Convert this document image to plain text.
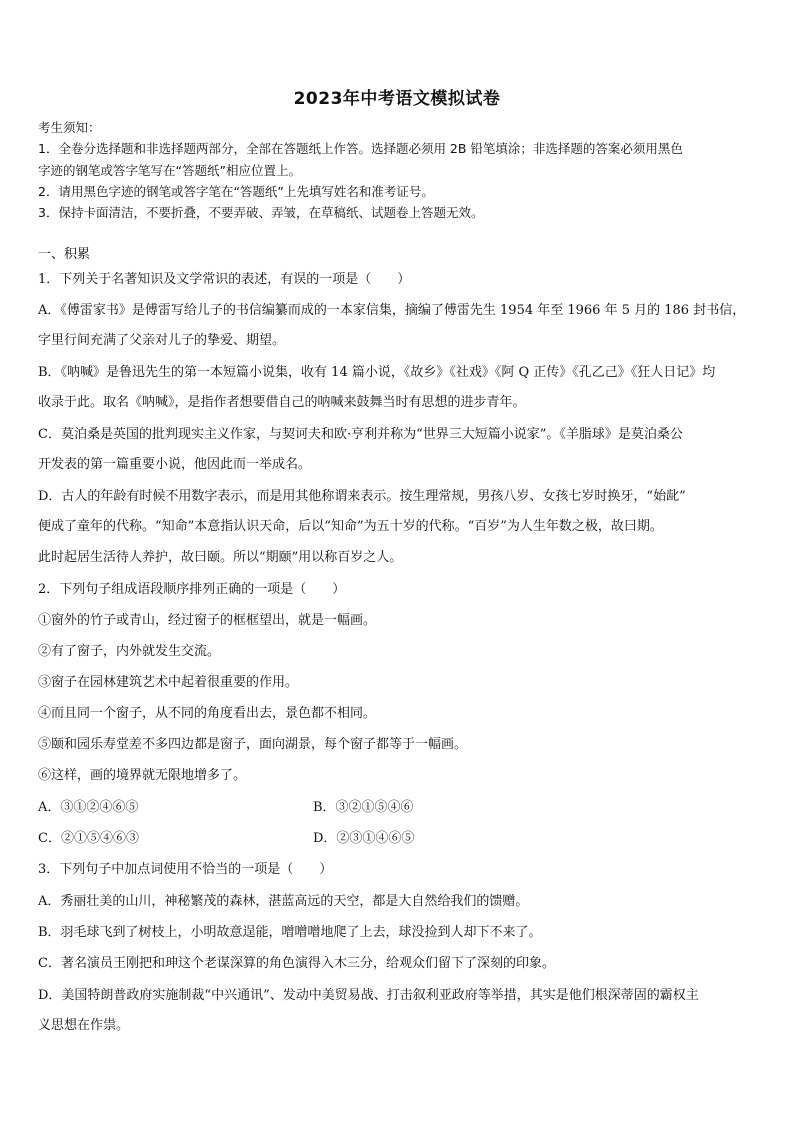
2023年中考语文模拟试卷
考生须知：
1．全卷分选择题和非选择题两部分，全部在答题纸上作答。选择题必须用 2B 铅笔填涂；非选择题的答案必须用黑色
字迹的钢笔或答字笔写在“答题纸”相应位置上。
2．请用黑色字迹的钢笔或答字笔在“答题纸”上先填写姓名和准考证号。
3．保持卡面清洁，不要折叠，不要弄破、弄皱，在草稿纸、试题卷上答题无效。
一、积累
1．下列关于名著知识及文学常识的表述，有误的一项是（　　）
A．《傅雷家书》是傅雷写给儿子的书信编纂而成的一本家信集，摘编了傅雷先生 1954 年至 1966 年 5 月的 186 封书信，
字里行间充满了父亲对儿子的挚爱、期望。
B．《呐喊》是鲁迅先生的第一本短篇小说集，收有 14 篇小说，《故乡》《社戏》《阿 Q 正传》《孔乙己》《狂人日记》均
收录于此。取名《呐喊》，是指作者想要借自己的呐喊来鼓舞当时有思想的进步青年。
C．莫泊桑是英国的批判现实主义作家，与契诃夫和欧·亨利并称为“世界三大短篇小说家”。《羊脂球》是莫泊桑公
开发表的第一篇重要小说，他因此而一举成名。
D．古人的年龄有时候不用数字表示，而是用其他称谓来表示。按生理常规，男孩八岁、女孩七岁时换牙，“始龀”
便成了童年的代称。“知命”本意指认识天命，后以“知命”为五十岁的代称。“百岁”为人生年数之极，故曰期。
此时起居生活待人养护，故曰颐。所以“期颐”用以称百岁之人。
2．下列句子组成语段顺序排列正确的一项是（　　）
①窗外的竹子或青山，经过窗子的框框望出，就是一幅画。
②有了窗子，内外就发生交流。
③窗子在园林建筑艺术中起着很重要的作用。
④而且同一个窗子，从不同的角度看出去，景色都不相同。
⑤颐和园乐寿堂差不多四边都是窗子，面向湖景，每个窗子都等于一幅画。
⑥这样，画的境界就无限地增多了。
A．③①②④⑥⑤	B．③②①⑤④⑥
C．②①⑤④⑥③	D．②③①④⑥⑤
3．下列句子中加点词使用不恰当的一项是（　　）
A．秀丽壮美的山川，神秘繁茂的森林，湛蓝高远的天空，都是大自然给我们的馈赠。
B．羽毛球飞到了树枝上，小明故意逞能，噌噌噌地爬了上去，球没捡到人却下不来了。
C．著名演员王刚把和珅这个老谋深算的角色演得入木三分，给观众们留下了深刻的印象。
D．美国特朗普政府实施制裁“中兴通讯”、发动中美贸易战、打击叙利亚政府等举措，其实是他们根深蒂固的霸权主
义思想在作祟。
